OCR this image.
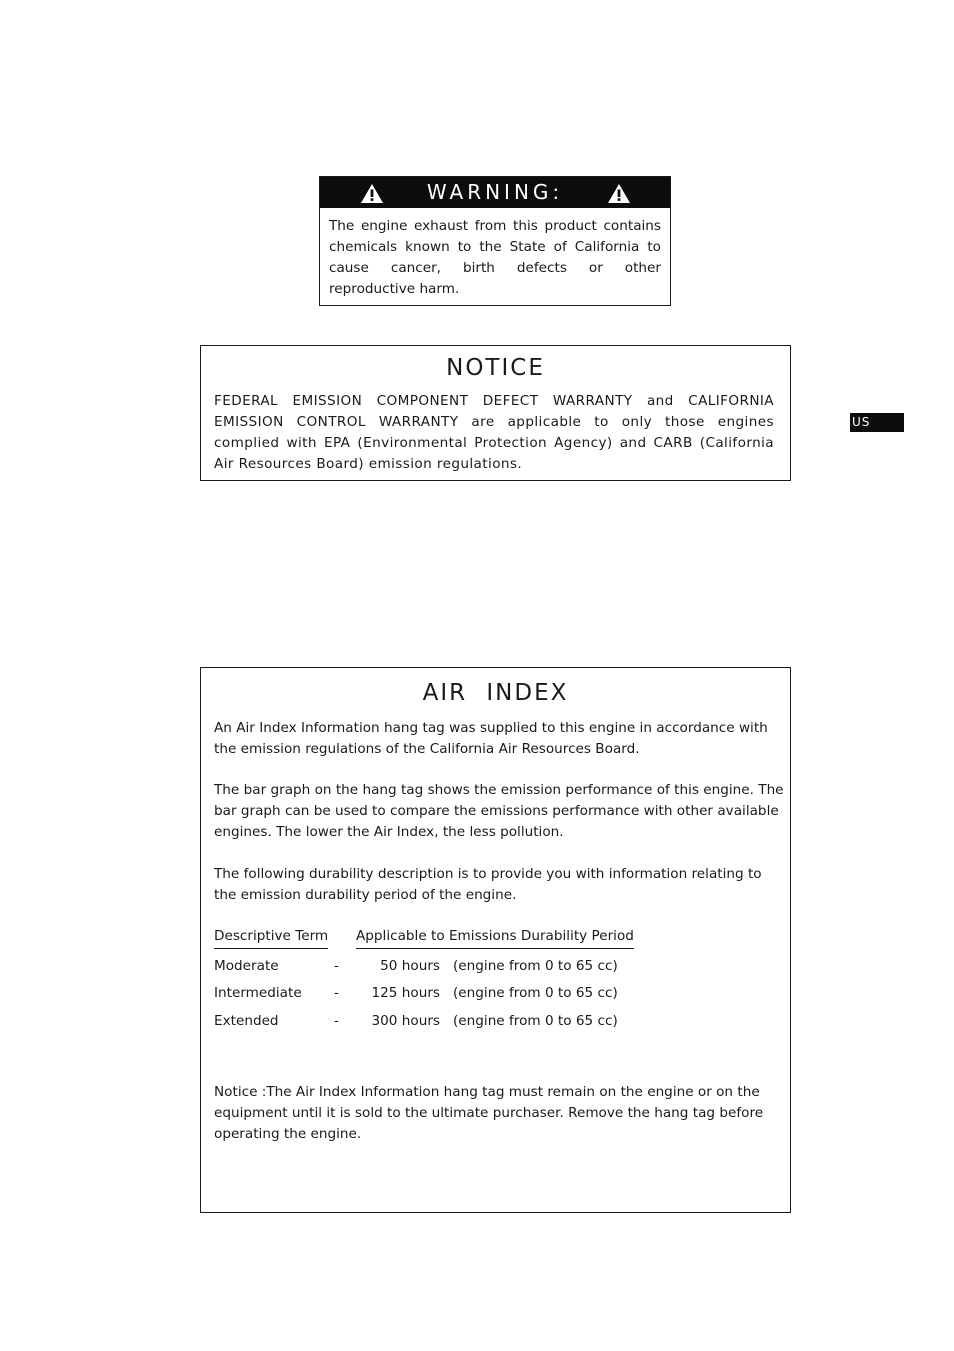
WARNING:
The engine exhaust from this product contains chemicals known to the State of California to cause cancer, birth defects or other reproductive harm.
NOTICE
FEDERAL EMISSION COMPONENT DEFECT WARRANTY and CALIFORNIA EMISSION CONTROL WARRANTY are applicable to only those engines complied with EPA (Environmental Protection Agency) and CARB (California Air Resources Board) emission regulations.
US
AIR INDEX
An Air Index Information hang tag was supplied to this engine in accordance with the emission regulations of the California Air Resources Board.
The bar graph on the hang tag shows the emission performance of this engine. The bar graph can be used to compare the emissions performance with other available engines. The lower the Air Index, the less pollution.
The following durability description is to provide you with information relating to the emission durability period of the engine.
Descriptive Term Applicable to Emissions Durability Period
Moderate	-	50 hours (engine from 0 to 65 cc)
Intermediate -	125 hours (engine from 0 to 65 cc)
Extended	-	300 hours (engine from 0 to 65 cc)
Notice :The Air Index Information hang tag must remain on the engine or on the equipment until it is sold to the ultimate purchaser. Remove the hang tag before operating the engine.
